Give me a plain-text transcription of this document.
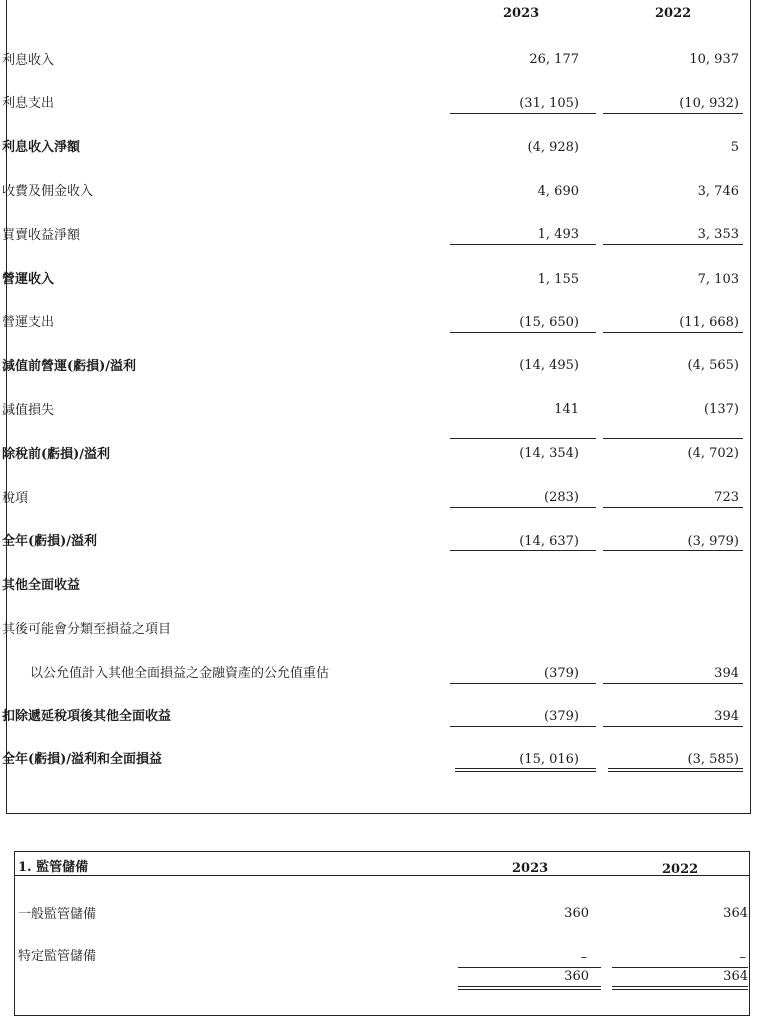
2023	2022
利息收入	26, 177	10, 937
利息支出	(31, 105)	(10, 932)
利息收入淨額	(4, 928)	5
收費及佣金收入	4, 690	3, 746
買賣收益淨額	1, 493	3, 353
營運收入	1, 155	7, 103
營運支出	(15, 650)	(11, 668)
減值前營運(虧損)/溢利	(14, 495)	(4, 565)
減值損失	141	(137)
除稅前(虧損)/溢利	(14, 354)	(4, 702)
稅項	(283)	723
全年(虧損)/溢利	(14, 637)	(3, 979)
其他全面收益
其後可能會分類至損益之項目
以公允值計入其他全面損益之金融資產的公允值重估	(379)	394
扣除遞延稅項後其他全面收益	(379)	394
全年(虧損)/溢利和全面損益	(15, 016)	(3, 585)
1. 監管儲備	2023	2022
一般監管儲備	360	364
特定監管儲備	–	–
360	364
